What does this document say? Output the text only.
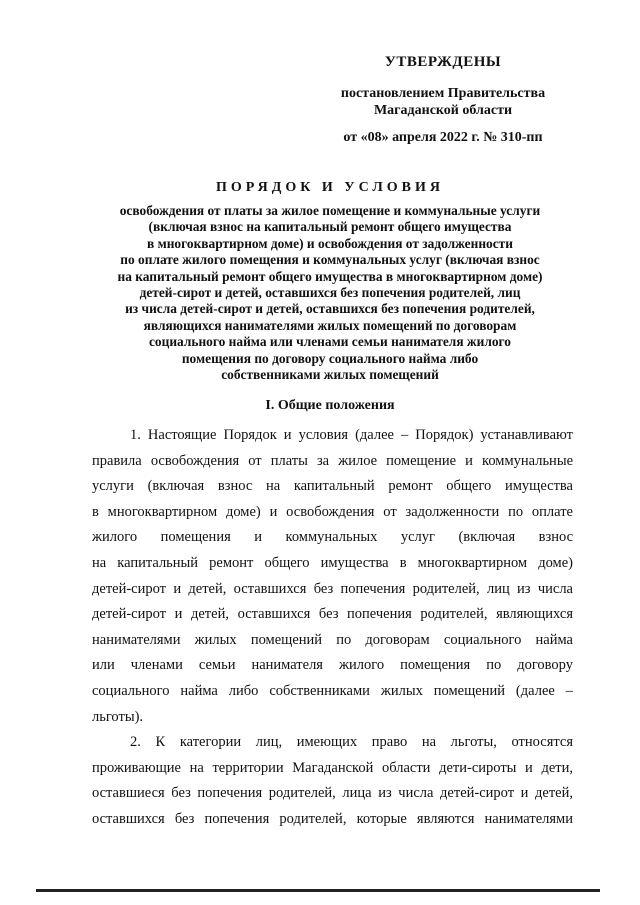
УТВЕРЖДЕНЫ
постановлением Правительства
Магаданской области
от «08» апреля 2022 г. № 310-пп
ПОРЯДОК И УСЛОВИЯ
освобождения от платы за жилое помещение и коммунальные услуги
(включая взнос на капитальный ремонт общего имущества
в многоквартирном доме) и освобождения от задолженности
по оплате жилого помещения и коммунальных услуг (включая взнос
на капитальный ремонт общего имущества в многоквартирном доме)
детей-сирот и детей, оставшихся без попечения родителей, лиц
из числа детей-сирот и детей, оставшихся без попечения родителей,
являющихся нанимателями жилых помещений по договорам
социального найма или членами семьи нанимателя жилого
помещения по договору социального найма либо
собственниками жилых помещений
I. Общие положения

1. Настоящие Порядок и условия (далее – Порядок) устанавливают
правила освобождения от платы за жилое помещение и коммунальные
услуги (включая взнос на капитальный ремонт общего имущества
в многоквартирном доме) и освобождения от задолженности по оплате
жилого помещения и коммунальных услуг (включая взнос
на капитальный ремонт общего имущества в многоквартирном доме)
детей-сирот и детей, оставшихся без попечения родителей, лиц из числа
детей-сирот и детей, оставшихся без попечения родителей, являющихся
нанимателями жилых помещений по договорам социального найма
или членами семьи нанимателя жилого помещения по договору
социального найма либо собственниками жилых помещений (далее –
льготы).

2. К категории лиц, имеющих право на льготы, относятся
проживающие на территории Магаданской области дети-сироты и дети,
оставшиеся без попечения родителей, лица из числа детей-сирот и детей,
оставшихся без попечения родителей, которые являются нанимателями
